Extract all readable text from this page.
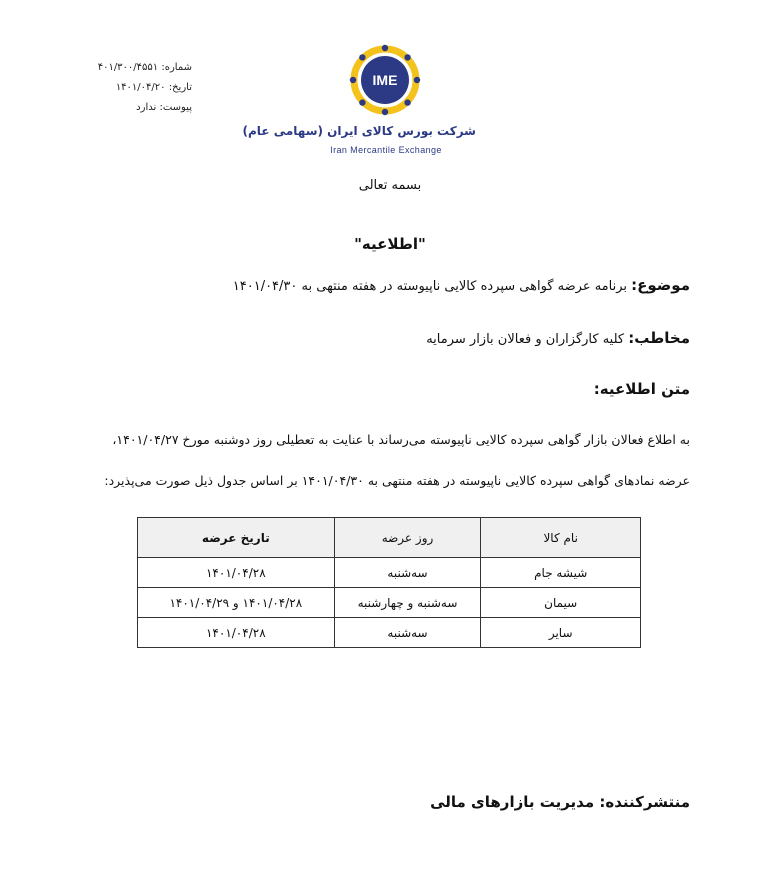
شماره: ۴۰۱/۳۰۰/۴۵۵۱
تاریخ: ۱۴۰۱/۰۴/۲۰
پیوست: ندارد
IME
شرکت بورس کالای ایران (سهامی عام)
Iran Mercantile Exchange
بسمه تعالی
"اطلاعیه"
موضوع: برنامه عرضه گواهی سپرده کالایی ناپیوسته در هفته منتهی به ۱۴۰۱/۰۴/۳۰
مخاطب: کلیه کارگزاران و فعالان بازار سرمایه
متن اطلاعیه:
به اطلاع فعالان بازار گواهی سپرده کالایی ناپیوسته می‌رساند با عنایت به تعطیلی روز دوشنبه مورخ ۱۴۰۱/۰۴/۲۷،
عرضه نمادهای گواهی سپرده کالایی ناپیوسته در هفته منتهی به ۱۴۰۱/۰۴/۳۰ بر اساس جدول ذیل صورت می‌پذیرد:
نام کالا	روز عرضه	تاریخ عرضه
شیشه جام	سه‌شنبه	۱۴۰۱/۰۴/۲۸
سیمان	سه‌شنبه و چهارشنبه	۱۴۰۱/۰۴/۲۸ و ۱۴۰۱/۰۴/۲۹
سایر	سه‌شنبه	۱۴۰۱/۰۴/۲۸
منتشرکننده: مدیریت بازارهای مالی
